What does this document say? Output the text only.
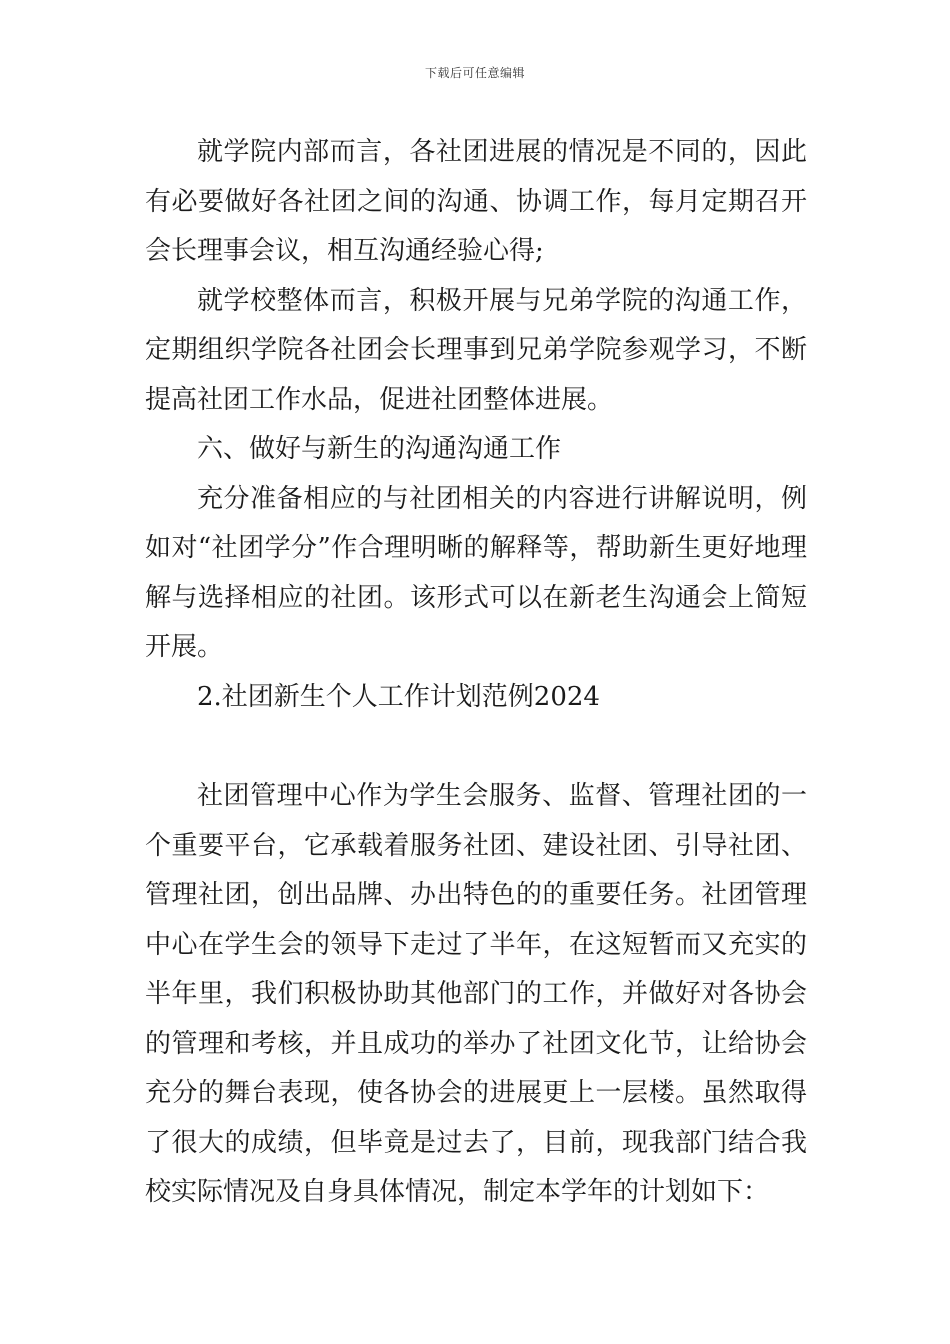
下载后可任意编辑

就学院内部而言，各社团进展的情况是不同的，因此有必要做好各社团之间的沟通、协调工作，每月定期召开会长理事会议，相互沟通经验心得;

就学校整体而言，积极开展与兄弟学院的沟通工作，定期组织学院各社团会长理事到兄弟学院参观学习，不断提高社团工作水品，促进社团整体进展。

六、做好与新生的沟通沟通工作

充分准备相应的与社团相关的内容进行讲解说明，例如对“社团学分”作合理明晰的解释等，帮助新生更好地理解与选择相应的社团。该形式可以在新老生沟通会上简短开展。

2.社团新生个人工作计划范例2024

社团管理中心作为学生会服务、监督、管理社团的一个重要平台，它承载着服务社团、建设社团、引导社团、管理社团，创出品牌、办出特色的的重要任务。社团管理中心在学生会的领导下走过了半年，在这短暂而又充实的半年里，我们积极协助其他部门的工作，并做好对各协会的管理和考核，并且成功的举办了社团文化节，让给协会充分的舞台表现，使各协会的进展更上一层楼。虽然取得了很大的成绩，但毕竟是过去了，目前，现我部门结合我校实际情况及自身具体情况，制定本学年的计划如下：
